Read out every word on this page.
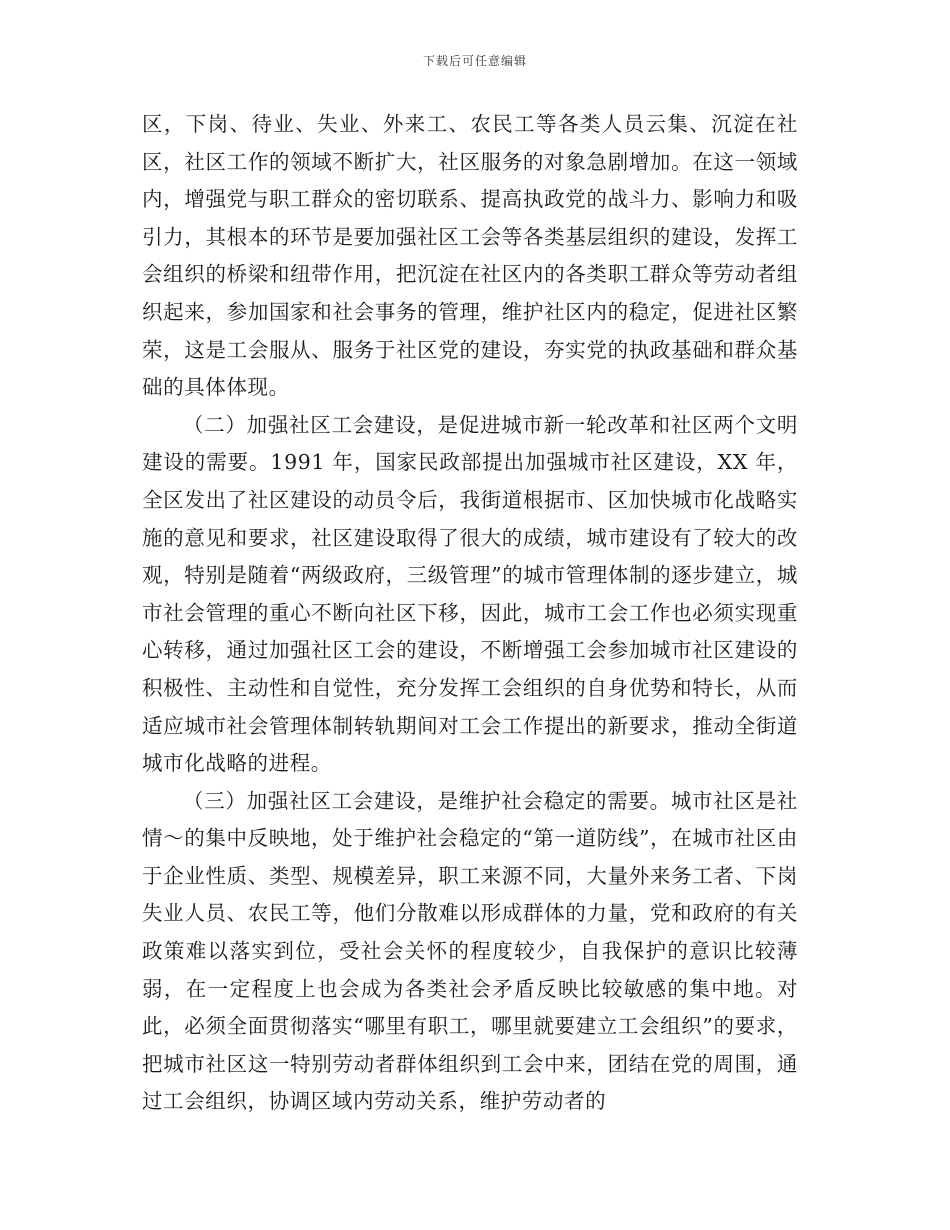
下载后可任意编辑

区，下岗、待业、失业、外来工、农民工等各类人员云集、沉淀在社区，社区工作的领域不断扩大，社区服务的对象急剧增加。在这一领域内，增强党与职工群众的密切联系、提高执政党的战斗力、影响力和吸引力，其根本的环节是要加强社区工会等各类基层组织的建设，发挥工会组织的桥梁和纽带作用，把沉淀在社区内的各类职工群众等劳动者组织起来，参加国家和社会事务的管理，维护社区内的稳定，促进社区繁荣，这是工会服从、服务于社区党的建设，夯实党的执政基础和群众基础的具体体现。

（二）加强社区工会建设，是促进城市新一轮改革和社区两个文明建设的需要。1991 年，国家民政部提出加强城市社区建设，XX 年，全区发出了社区建设的动员令后，我街道根据市、区加快城市化战略实施的意见和要求，社区建设取得了很大的成绩，城市建设有了较大的改观，特别是随着“两级政府，三级管理”的城市管理体制的逐步建立，城市社会管理的重心不断向社区下移，因此，城市工会工作也必须实现重心转移，通过加强社区工会的建设，不断增强工会参加城市社区建设的积极性、主动性和自觉性，充分发挥工会组织的自身优势和特长，从而适应城市社会管理体制转轨期间对工会工作提出的新要求，推动全街道城市化战略的进程。

（三）加强社区工会建设，是维护社会稳定的需要。城市社区是社情～的集中反映地，处于维护社会稳定的“第一道防线”，在城市社区由于企业性质、类型、规模差异，职工来源不同，大量外来务工者、下岗失业人员、农民工等，他们分散难以形成群体的力量，党和政府的有关政策难以落实到位，受社会关怀的程度较少，自我保护的意识比较薄弱，在一定程度上也会成为各类社会矛盾反映比较敏感的集中地。对此，必须全面贯彻落实“哪里有职工，哪里就要建立工会组织”的要求，把城市社区这一特别劳动者群体组织到工会中来，团结在党的周围，通过工会组织，协调区域内劳动关系，维护劳动者的
